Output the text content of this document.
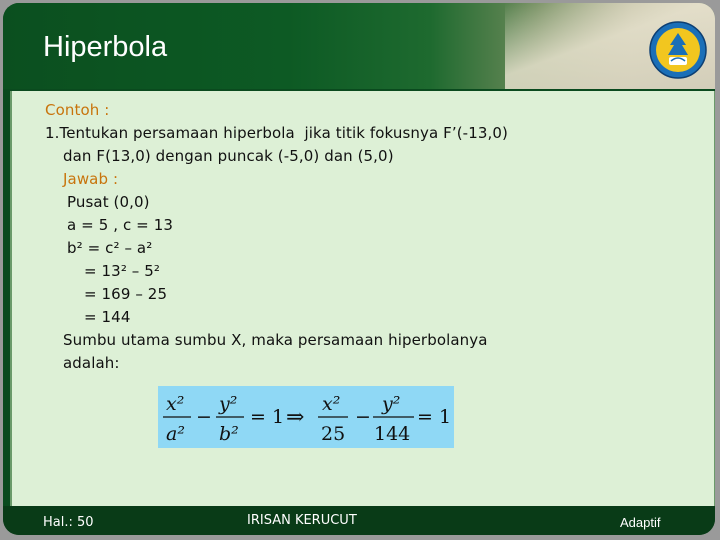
Hiperbola
Contoh :
1.Tentukan persamaan hiperbola  jika titik fokusnya F’(-13,0)
dan F(13,0) dengan puncak (-5,0) dan (5,0)
Jawab :
Pusat (0,0)
a = 5 , c = 13
b² = c² – a²
= 13² – 5²
= 169 – 25
= 144
Sumbu utama sumbu X, maka persamaan hiperbolanya
adalah:
x²
a²
−
y²
b²
= 1 ⇒
x²
25
−
y²
144
= 1
Hal.: 50	IRISAN KERUCUT	Adaptif
